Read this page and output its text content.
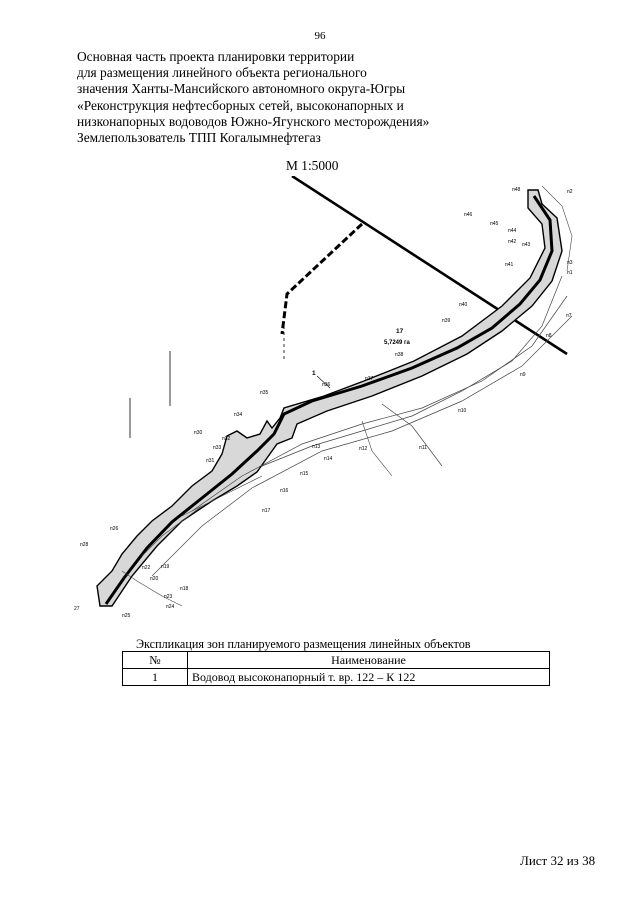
96
Основная часть проекта планировки территории
для размещения линейного объекта регионального
значения Ханты-Мансийского автономного округа-Югры
«Реконструкция нефтесборных сетей, высоконапорных и
низконапорных водоводов Южно-Ягунского месторождения»
Землепользователь ТПП Когалымнефтегаз
М 1:5000
п48	п2
п46
п44
п45
п42 п43
п41	п3
п1
п40
п7
п39
п8
п38
п37
п36
п9
п35
п10
п34
п11
п12
п30
п32
п33	п13
п14
п31
п15
п16
п17
п26
п28
п22
п20
п19
п18
п23
п24
27
п25
17
5,7249 га
1
Экспликация зон планируемого размещения линейных объектов
№	Наименование
1	Водовод высоконапорный т. вр. 122 – К 122
Лист 32 из 38
